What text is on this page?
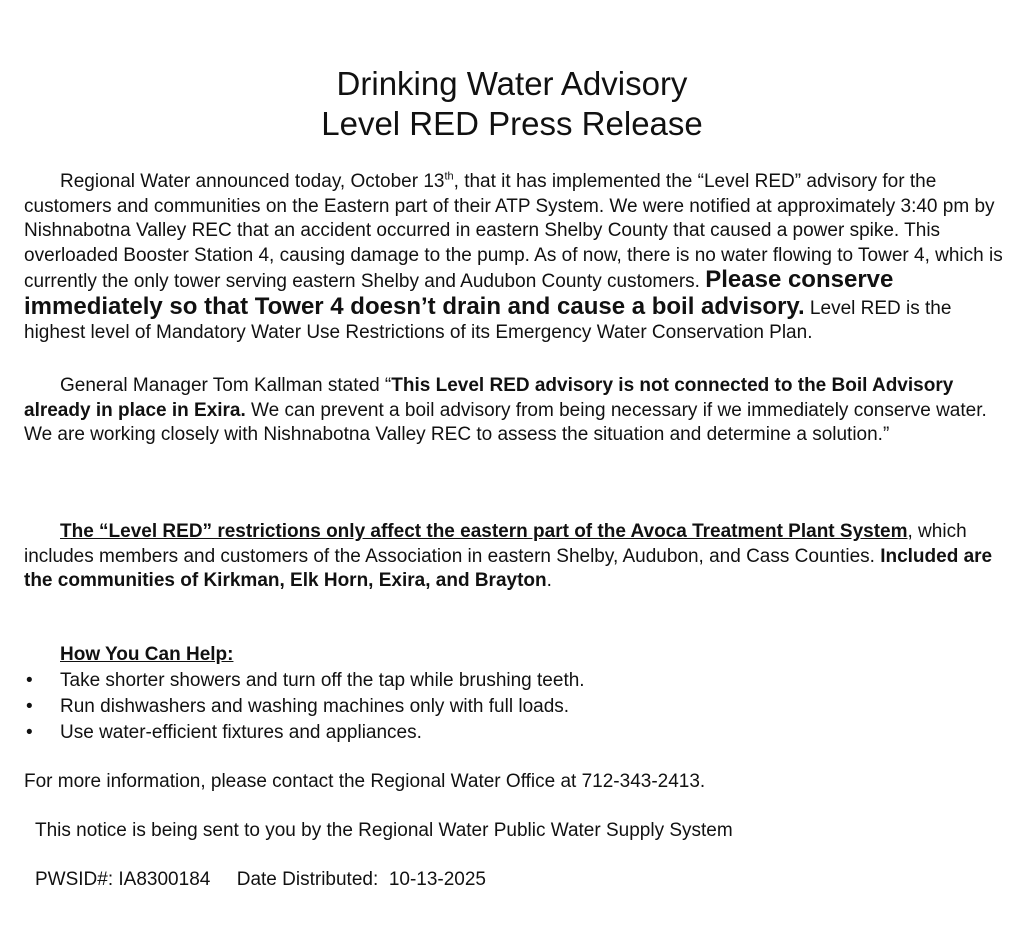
Drinking Water Advisory
Level RED Press Release
Regional Water announced today, October 13th, that it has implemented the “Level RED” advisory for the customers and communities on the Eastern part of their ATP System. We were notified at approximately 3:40 pm by Nishnabotna Valley REC that an accident occurred in eastern Shelby County that caused a power spike. This overloaded Booster Station 4, causing damage to the pump. As of now, there is no water flowing to Tower 4, which is currently the only tower serving eastern Shelby and Audubon County customers. Please conserve immediately so that Tower 4 doesn’t drain and cause a boil advisory. Level RED is the highest level of Mandatory Water Use Restrictions of its Emergency Water Conservation Plan.
General Manager Tom Kallman stated “This Level RED advisory is not connected to the Boil Advisory already in place in Exira. We can prevent a boil advisory from being necessary if we immediately conserve water. We are working closely with Nishnabotna Valley REC to assess the situation and determine a solution.”
The “Level RED” restrictions only affect the eastern part of the Avoca Treatment Plant System, which includes members and customers of the Association in eastern Shelby, Audubon, and Cass Counties. Included are the communities of Kirkman, Elk Horn, Exira, and Brayton.
How You Can Help:
• Take shorter showers and turn off the tap while brushing teeth.
• Run dishwashers and washing machines only with full loads.
• Use water-efficient fixtures and appliances.
For more information, please contact the Regional Water Office at 712-343-2413.
This notice is being sent to you by the Regional Water Public Water Supply System
PWSID#: IA8300184 Date Distributed: 10-13-2025
